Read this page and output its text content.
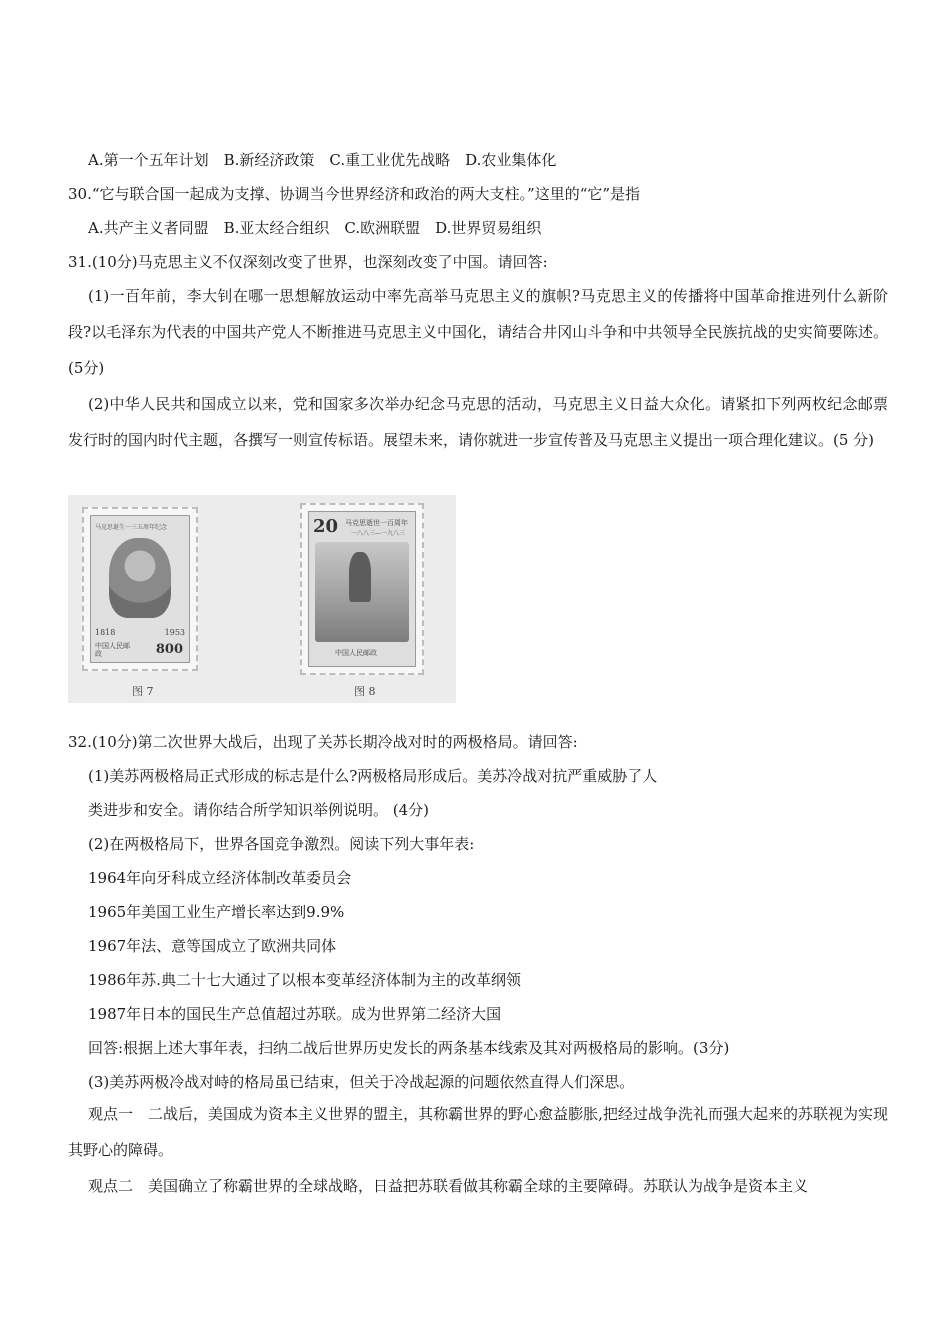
A.第一个五年计划　B.新经济政策　C.重工业优先战略　D.农业集体化
30.“它与联合国一起成为支撑、协调当今世界经济和政治的两大支柱。”这里的“它”是指
A.共产主义者同盟　B.亚太经合组织　C.欧洲联盟　D.世界贸易组织
31.(10分)马克思主义不仅深刻改变了世界，也深刻改变了中国。请回答:
(1)一百年前，李大钊在哪一思想解放运动中率先高举马克思主义的旗帜?马克思主义的传播将中国革命推进列什么新阶段?以毛泽东为代表的中国共产党人不断推进马克思主义中国化，请结合井冈山斗争和中共领导全民族抗战的史实简要陈述。(5分)
(2)中华人民共和国成立以来，党和国家多次举办纪念马克思的活动，马克思主义日益大众化。请紧扣下列两枚纪念邮票发行时的国内时代主题，各撰写一则宣传标语。展望未来，请你就进一步宣传普及马克思主义提出一项合理化建议。(5 分)
马克思诞生一三五周年纪念
1818	1953
中国人民邮政	800
图 7
20 马克思逝世一百周年
一八八三—一九八三
中国人民邮政
图 8
32.(10分)第二次世界大战后，出现了关苏长期冷战对时的两极格局。请回答:
(1)美苏两极格局正式形成的标志是什么?两极格局形成后。美苏冷战对抗严重威胁了人
类进步和安全。请你结合所学知识举例说明。 (4分)
(2)在两极格局下，世界各国竞争激烈。阅读下列大事年表:
1964年向牙科成立经济体制改革委员会
1965年美国工业生产增长率达到9.9%
1967年法、意等国成立了欧洲共同体
1986年苏.典二十七大通过了以根本变革经济体制为主的改革纲领
1987年日本的国民生产总值超过苏联。成为世界第二经济大国
回答:根据上述大事年表，扫纳二战后世界历史发长的两条基本线索及其对两极格局的影响。(3分)
(3)美苏两极冷战对峙的格局虽已结束，但关于冷战起源的问题依然直得人们深思。
观点一　二战后，美国成为资本主义世界的盟主，其称霸世界的野心愈益膨胀,把经过战争洗礼而强大起来的苏联视为实现其野心的障碍。
观点二　美国确立了称霸世界的全球战略，日益把苏联看做其称霸全球的主要障碍。苏联认为战争是资本主义
